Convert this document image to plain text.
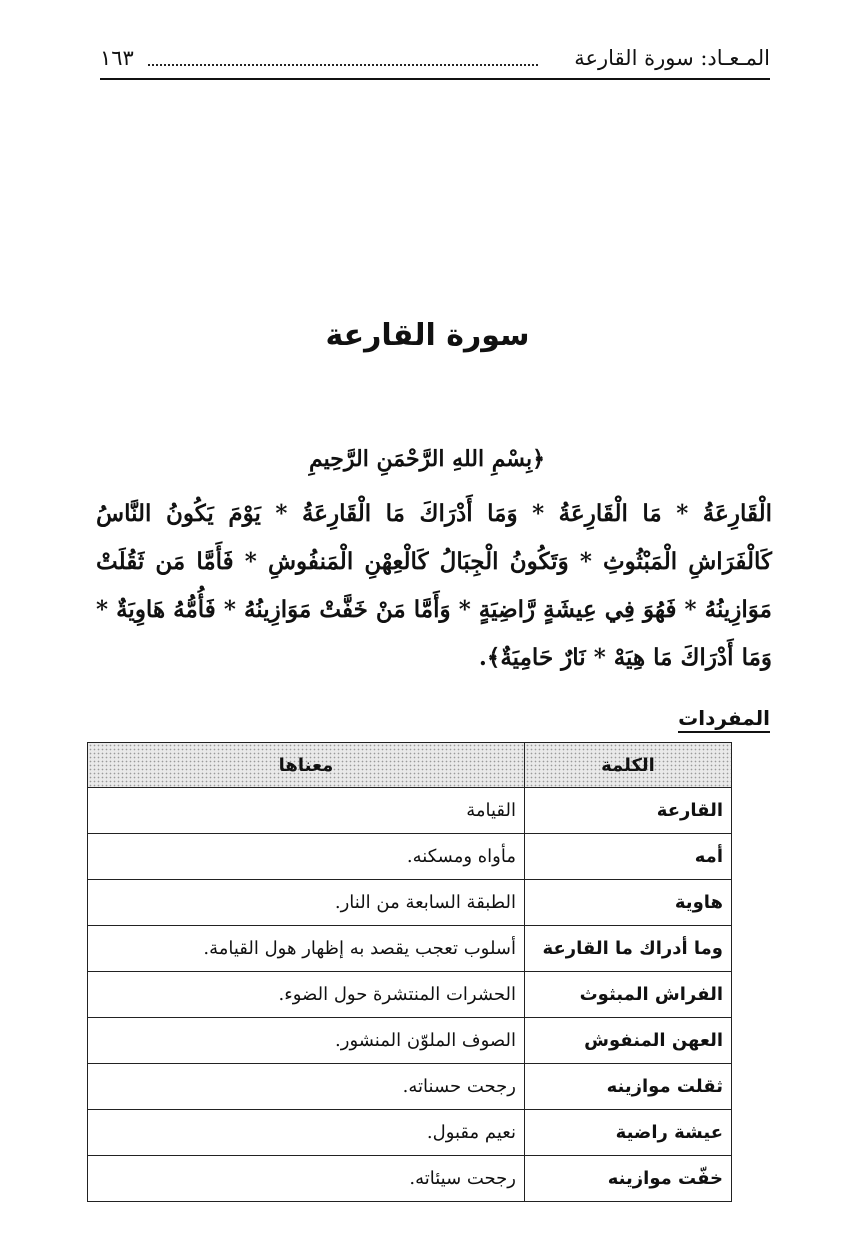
المـعـاد: سورة القارعة
١٦٣
سورة القارعة
﴿بِسْمِ اللهِ الرَّحْمَنِ الرَّحِيمِ
الْقَارِعَةُ * مَا الْقَارِعَةُ * وَمَا أَدْرَاكَ مَا الْقَارِعَةُ * يَوْمَ يَكُونُ النَّاسُ كَالْفَرَاشِ الْمَبْثُوثِ * وَتَكُونُ الْجِبَالُ كَالْعِهْنِ الْمَنفُوشِ * فَأَمَّا مَن ثَقُلَتْ مَوَازِينُهُ * فَهُوَ فِي عِيشَةٍ رَّاضِيَةٍ * وَأَمَّا مَنْ خَفَّتْ مَوَازِينُهُ * فَأُمُّهُ هَاوِيَةٌ * وَمَا أَدْرَاكَ مَا هِيَهْ * نَارٌ حَامِيَةٌ﴾.
المفردات
الكلمة	معناها
القارعة	القيامة
أمه	مأواه ومسكنه.
هاوية	الطبقة السابعة من النار.
وما أدراك ما القارعة	أسلوب تعجب يقصد به إظهار هول القيامة.
الفراش المبثوث	الحشرات المنتشرة حول الضوء.
العهن المنفوش	الصوف الملوّن المنشور.
ثقلت موازينه	رجحت حسناته.
عيشة راضية	نعيم مقبول.
خفّت موازينه	رجحت سيئاته.
